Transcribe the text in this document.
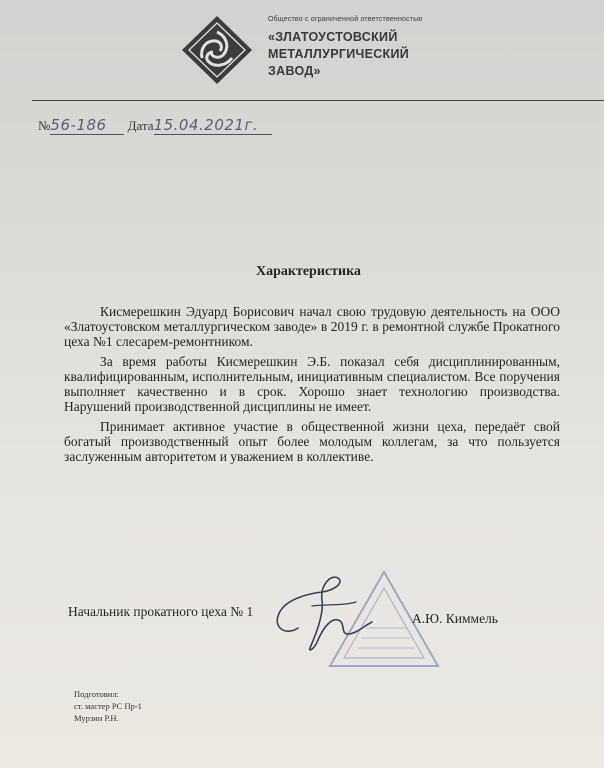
Общество с ограниченной ответственностью
«ЗЛАТОУСТОВСКИЙ
МЕТАЛЛУРГИЧЕСКИЙ
ЗАВОД»
№56-186 Дата15.04.2021г.
Характеристика

Кисмерешкин Эдуард Борисович начал свою трудовую деятельность на ООО «Златоустовском металлургическом заводе» в 2019 г. в ремонтной службе Прокатного цеха №1 слесарем-ремонтником.

За время работы Кисмерешкин Э.Б. показал себя дисциплинированным, квалифицированным, исполнительным, инициативным специалистом. Все поручения выполняет качественно и в срок. Хорошо знает технологию производства. Нарушений производственной дисциплины не имеет.

Принимает активное участие в общественной жизни цеха, передаёт свой богатый производственный опыт более молодым коллегам, за что пользуется заслуженным авторитетом и уважением в коллективе.

Начальник прокатного цеха № 1	А.Ю. Киммель
Подготовил:
ст. мастер РС Пр-1
Мурзин Р.Н.
